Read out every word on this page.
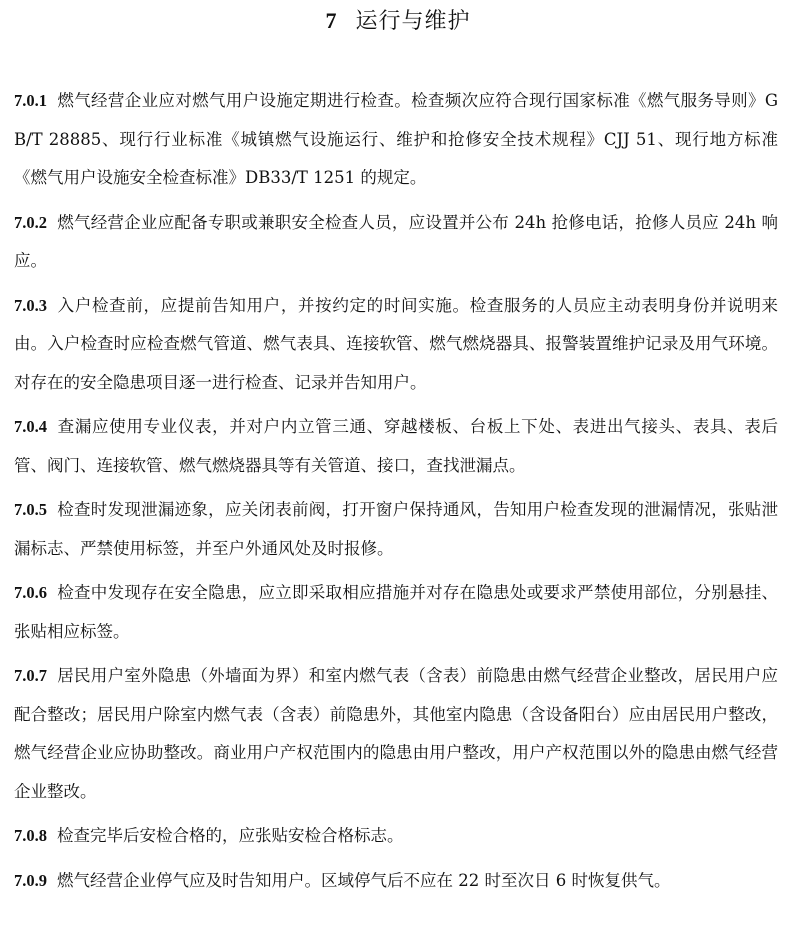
7 运行与维护

7.0.1 燃气经营企业应对燃气用户设施定期进行检查。检查频次应符合现行国家标准《燃气服务导则》GB/T 28885、现行行业标准《城镇燃气设施运行、维护和抢修安全技术规程》CJJ 51、现行地方标准《燃气用户设施安全检查标准》DB33/T 1251 的规定。

7.0.2 燃气经营企业应配备专职或兼职安全检查人员，应设置并公布 24h 抢修电话，抢修人员应 24h 响应。

7.0.3 入户检查前，应提前告知用户，并按约定的时间实施。检查服务的人员应主动表明身份并说明来由。入户检查时应检查燃气管道、燃气表具、连接软管、燃气燃烧器具、报警装置维护记录及用气环境。对存在的安全隐患项目逐一进行检查、记录并告知用户。

7.0.4 查漏应使用专业仪表，并对户内立管三通、穿越楼板、台板上下处、表进出气接头、表具、表后管、阀门、连接软管、燃气燃烧器具等有关管道、接口，查找泄漏点。

7.0.5 检查时发现泄漏迹象，应关闭表前阀，打开窗户保持通风，告知用户检查发现的泄漏情况，张贴泄漏标志、严禁使用标签，并至户外通风处及时报修。

7.0.6 检查中发现存在安全隐患，应立即采取相应措施并对存在隐患处或要求严禁使用部位，分别悬挂、张贴相应标签。

7.0.7 居民用户室外隐患（外墙面为界）和室内燃气表（含表）前隐患由燃气经营企业整改，居民用户应配合整改；居民用户除室内燃气表（含表）前隐患外，其他室内隐患（含设备阳台）应由居民用户整改，燃气经营企业应协助整改。商业用户产权范围内的隐患由用户整改，用户产权范围以外的隐患由燃气经营企业整改。

7.0.8 检查完毕后安检合格的，应张贴安检合格标志。

7.0.9 燃气经营企业停气应及时告知用户。区域停气后不应在 22 时至次日 6 时恢复供气。
